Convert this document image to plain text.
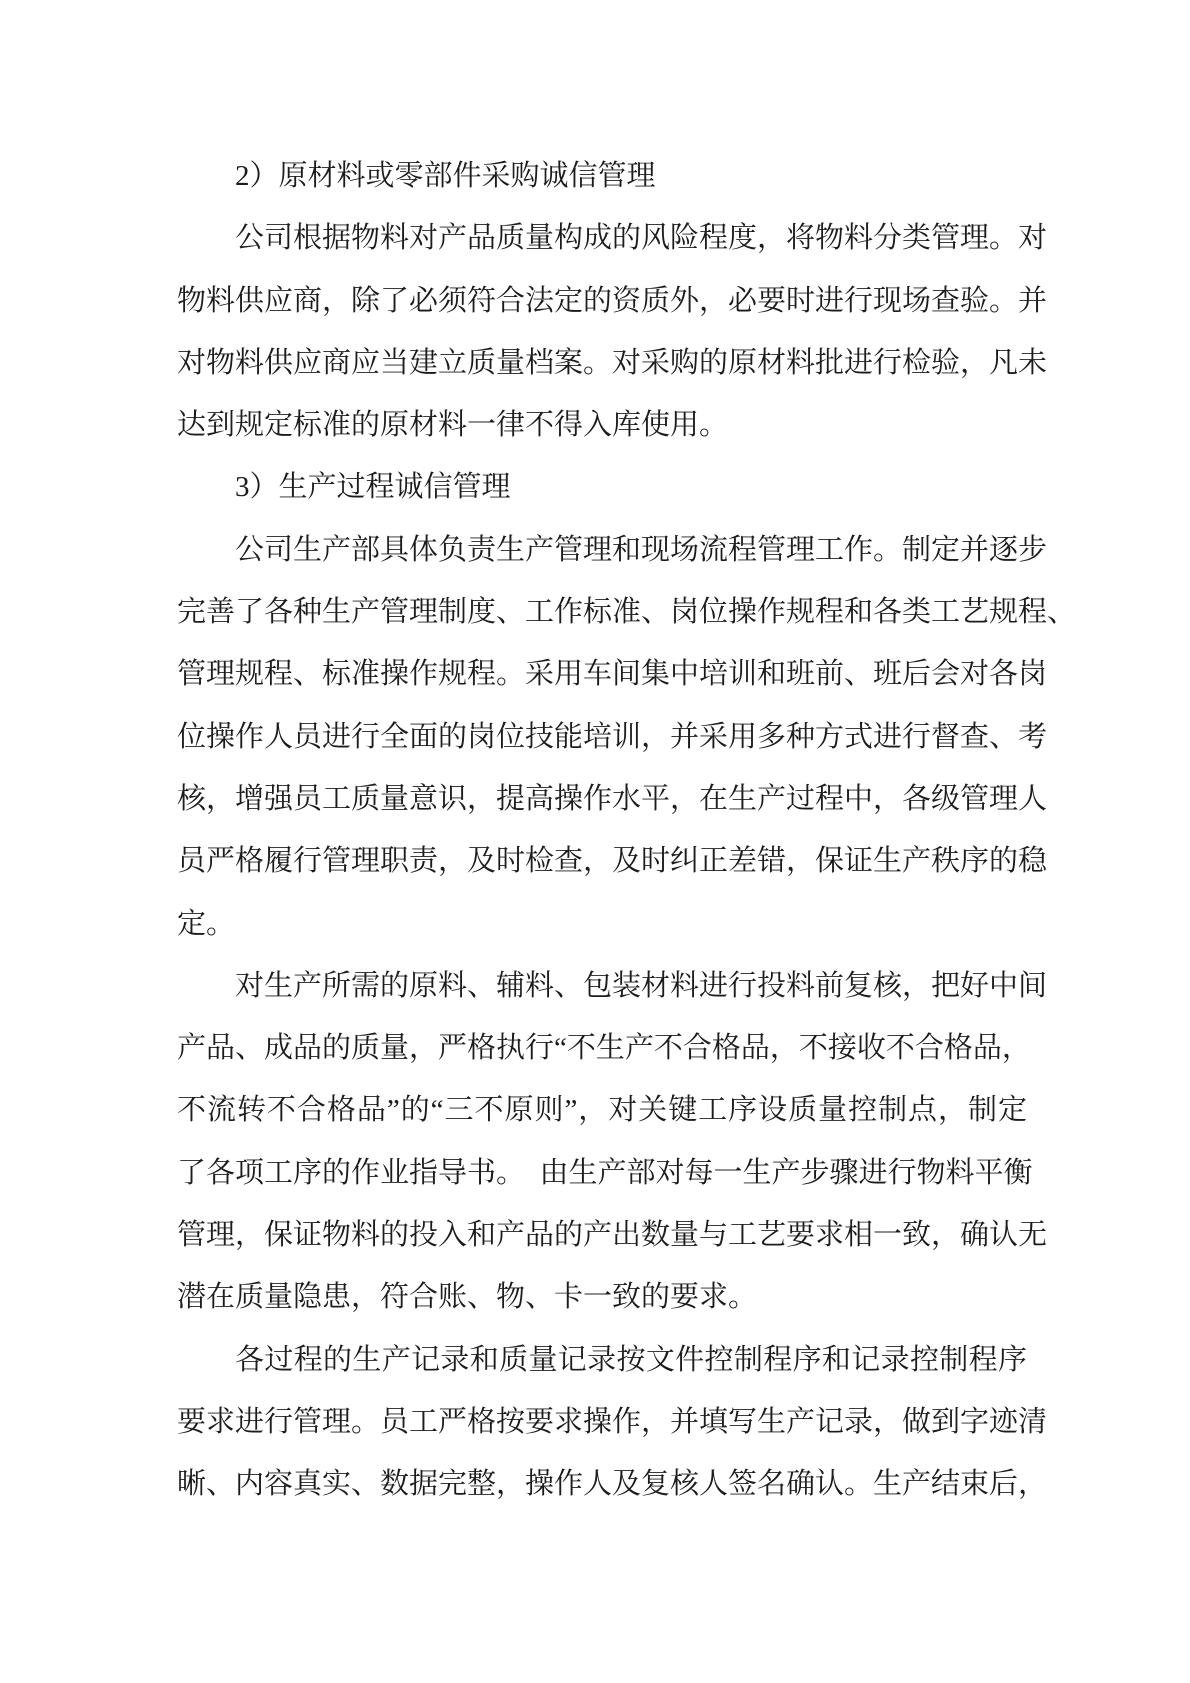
2）原材料或零部件采购诚信管理
公司根据物料对产品质量构成的风险程度，将物料分类管理。对
物料供应商，除了必须符合法定的资质外，必要时进行现场查验。并
对物料供应商应当建立质量档案。对采购的原材料批进行检验，凡未
达到规定标准的原材料一律不得入库使用。
3）生产过程诚信管理
公司生产部具体负责生产管理和现场流程管理工作。制定并逐步
完善了各种生产管理制度、工作标准、岗位操作规程和各类工艺规程、
管理规程、标准操作规程。采用车间集中培训和班前、班后会对各岗
位操作人员进行全面的岗位技能培训，并采用多种方式进行督查、考
核，增强员工质量意识，提高操作水平，在生产过程中，各级管理人
员严格履行管理职责，及时检查，及时纠正差错，保证生产秩序的稳
定。
对生产所需的原料、辅料、包装材料进行投料前复核，把好中间
产品、成品的质量，严格执行“不生产不合格品，不接收不合格品，
不流转不合格品”的“三不原则”，对关键工序设质量控制点，制定
了各项工序的作业指导书。　由生产部对每一生产步骤进行物料平衡
管理，保证物料的投入和产品的产出数量与工艺要求相一致，确认无
潜在质量隐患，符合账、物、卡一致的要求。
各过程的生产记录和质量记录按文件控制程序和记录控制程序
要求进行管理。员工严格按要求操作，并填写生产记录，做到字迹清
晰、内容真实、数据完整，操作人及复核人签名确认。生产结束后，
